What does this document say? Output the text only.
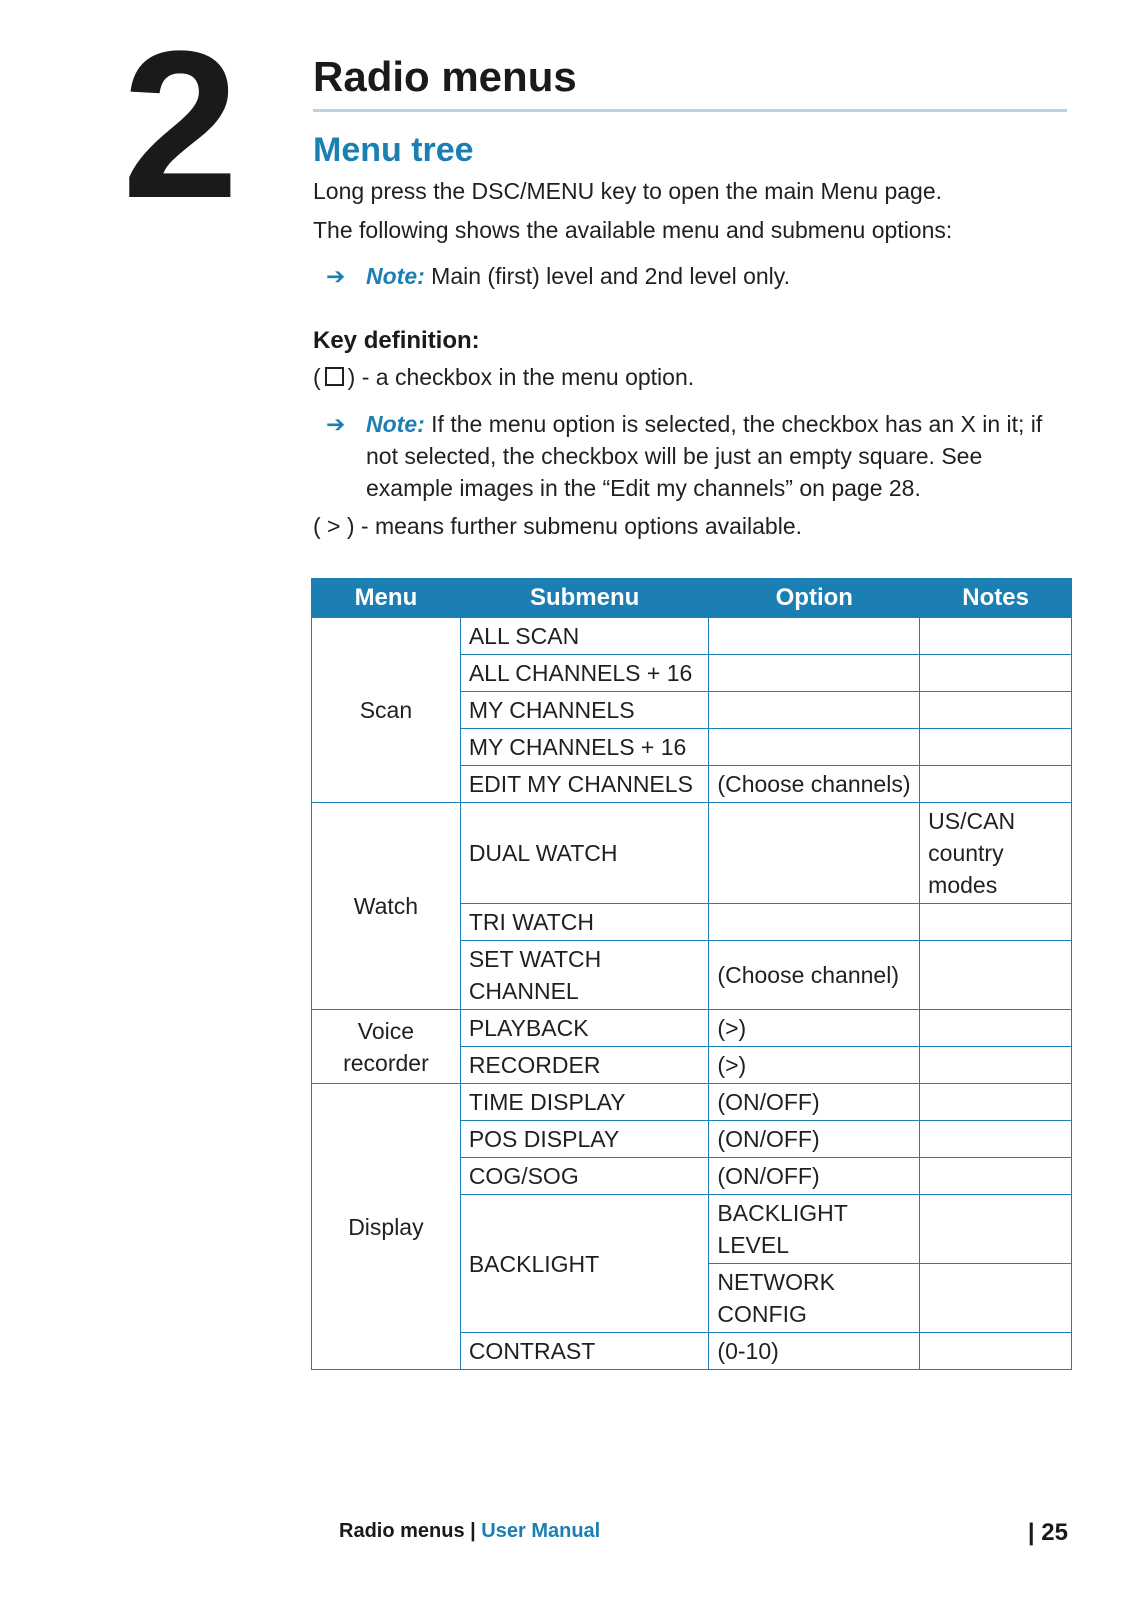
2 Radio menus
Menu tree
Long press the DSC/MENU key to open the main Menu page.
The following shows the available menu and submenu options:
➔ Note: Main (first) level and 2nd level only.
Key definition:
( ) - a checkbox in the menu option.
➔ Note: If the menu option is selected, the checkbox has an X in it; if not selected, the checkbox will be just an empty square. See example images in the “Edit my channels” on page 28.
( > ) - means further submenu options available.
Menu	Submenu	Option	Notes
Scan	ALL SCAN		
	ALL CHANNELS + 16		
	MY CHANNELS		
	MY CHANNELS + 16		
	EDIT MY CHANNELS	(Choose channels)	
Watch	DUAL WATCH		US/CAN country modes
	TRI WATCH		
	SET WATCH CHANNEL	(Choose channel)	
Voice recorder	PLAYBACK	(>)	
	RECORDER	(>)	
Display	TIME DISPLAY	(ON/OFF)	
	POS DISPLAY	(ON/OFF)	
	COG/SOG	(ON/OFF)	
	BACKLIGHT	BACKLIGHT LEVEL	
		NETWORK CONFIG	
	CONTRAST	(0-10)	
Radio menus | User Manual	| 25
